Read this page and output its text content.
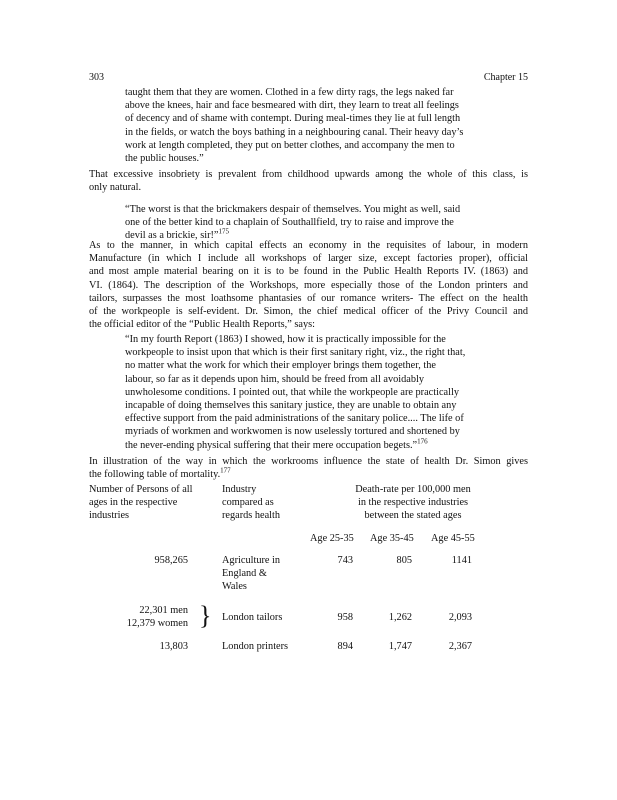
303	Chapter 15
taught them that they are women. Clothed in a few dirty rags, the legs naked far
above the knees, hair and face besmeared with dirt, they learn to treat all feelings
of decency and of shame with contempt. During meal-times they lie at full length
in the fields, or watch the boys bathing in a neighbouring canal. Their heavy day’s
work at length completed, they put on better clothes, and accompany the men to
the public houses.”
That excessive insobriety is prevalent from childhood upwards among the whole of this class, is
only natural.
“The worst is that the brickmakers despair of themselves. You might as well, said
one of the better kind to a chaplain of Southallfield, try to raise and improve the
devil as a brickie, sir!”$^{175}$
As to the manner, in which capital effects an economy in the requisites of labour, in modern
Manufacture (in which I include all workshops of larger size, except factories proper), official
and most ample material bearing on it is to be found in the Public Health Reports IV. (1863) and
VI. (1864). The description of the Workshops, more especially those of the London printers and
tailors, surpasses the most loathsome phantasies of our romance writers- The effect on the health
of the workpeople is self-evident. Dr. Simon, the chief medical officer of the Privy Council and
the official editor of the “Public Health Reports,” says:
“In my fourth Report (1863) I showed, how it is practically impossible for the
workpeople to insist upon that which is their first sanitary right, viz., the right that,
no matter what the work for which their employer brings them together, the
labour, so far as it depends upon him, should be freed from all avoidably
unwholesome conditions. I pointed out, that while the workpeople are practically
incapable of doing themselves this sanitary justice, they are unable to obtain any
effective support from the paid administrations of the sanitary police.... The life of
myriads of workmen and workwomen is now uselessly tortured and shortened by
the never-ending physical suffering that their mere occupation begets.”$^{176}$
In illustration of the way in which the workrooms influence the state of health Dr. Simon gives
the following table of mortality.$^{177}$
Number of Persons of all
ages in the respective
industries
Industry
compared as
regards health
Death-rate per 100,000 men
in the respective industries
between the stated ages
Age 25-35 Age 35-45 Age 45-55
958,265	Agriculture in
England &
Wales
743	805	1141
22,301 men
12,379 women } London tailors	958	1,262	2,093
13,803	London printers	894	1,747	2,367
